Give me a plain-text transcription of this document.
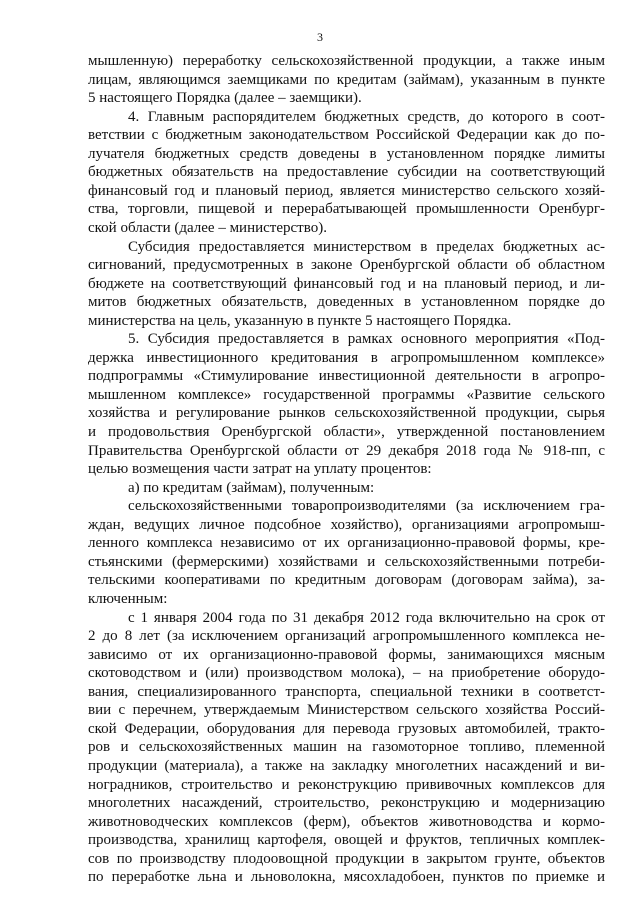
3
мышленную) переработку сельскохозяйственной продукции, а также иным
лицам, являющимся заемщиками по кредитам (займам), указанным в пункте
5 настоящего Порядка (далее – заемщики).
4. Главным распорядителем бюджетных средств, до которого в соот-
ветствии с бюджетным законодательством Российской Федерации как до по-
лучателя бюджетных средств доведены в установленном порядке лимиты
бюджетных обязательств на предоставление субсидии на соответствующий
финансовый год и плановый период, является министерство сельского хозяй-
ства, торговли, пищевой и перерабатывающей промышленности Оренбург-
ской области (далее – министерство).
Субсидия предоставляется министерством в пределах бюджетных ас-
сигнований, предусмотренных в законе Оренбургской области об областном
бюджете на соответствующий финансовый год и на плановый период, и ли-
митов бюджетных обязательств, доведенных в установленном порядке до
министерства на цель, указанную в пункте 5 настоящего Порядка.
5. Субсидия предоставляется в рамках основного мероприятия «Под-
держка инвестиционного кредитования в агропромышленном комплексе»
подпрограммы «Стимулирование инвестиционной деятельности в агропро-
мышленном комплексе» государственной программы «Развитие сельского
хозяйства и регулирование рынков сельскохозяйственной продукции, сырья
и продовольствия Оренбургской области», утвержденной постановлением
Правительства Оренбургской области от 29 декабря 2018 года № 918-пп, с
целью возмещения части затрат на уплату процентов:
а) по кредитам (займам), полученным:
сельскохозяйственными товаропроизводителями (за исключением гра-
ждан, ведущих личное подсобное хозяйство), организациями агропромыш-
ленного комплекса независимо от их организационно-правовой формы, кре-
стьянскими (фермерскими) хозяйствами и сельскохозяйственными потреби-
тельскими кооперативами по кредитным договорам (договорам займа), за-
ключенным:
с 1 января 2004 года по 31 декабря 2012 года включительно на срок от
2 до 8 лет (за исключением организаций агропромышленного комплекса не-
зависимо от их организационно-правовой формы, занимающихся мясным
скотоводством и (или) производством молока), – на приобретение оборудо-
вания, специализированного транспорта, специальной техники в соответст-
вии с перечнем, утверждаемым Министерством сельского хозяйства Россий-
ской Федерации, оборудования для перевода грузовых автомобилей, тракто-
ров и сельскохозяйственных машин на газомоторное топливо, племенной
продукции (материала), а также на закладку многолетних насаждений и ви-
ноградников, строительство и реконструкцию прививочных комплексов для
многолетних насаждений, строительство, реконструкцию и модернизацию
животноводческих комплексов (ферм), объектов животноводства и кормо-
производства, хранилищ картофеля, овощей и фруктов, тепличных комплек-
сов по производству плодоовощной продукции в закрытом грунте, объектов
по переработке льна и льноволокна, мясохладобоен, пунктов по приемке и
